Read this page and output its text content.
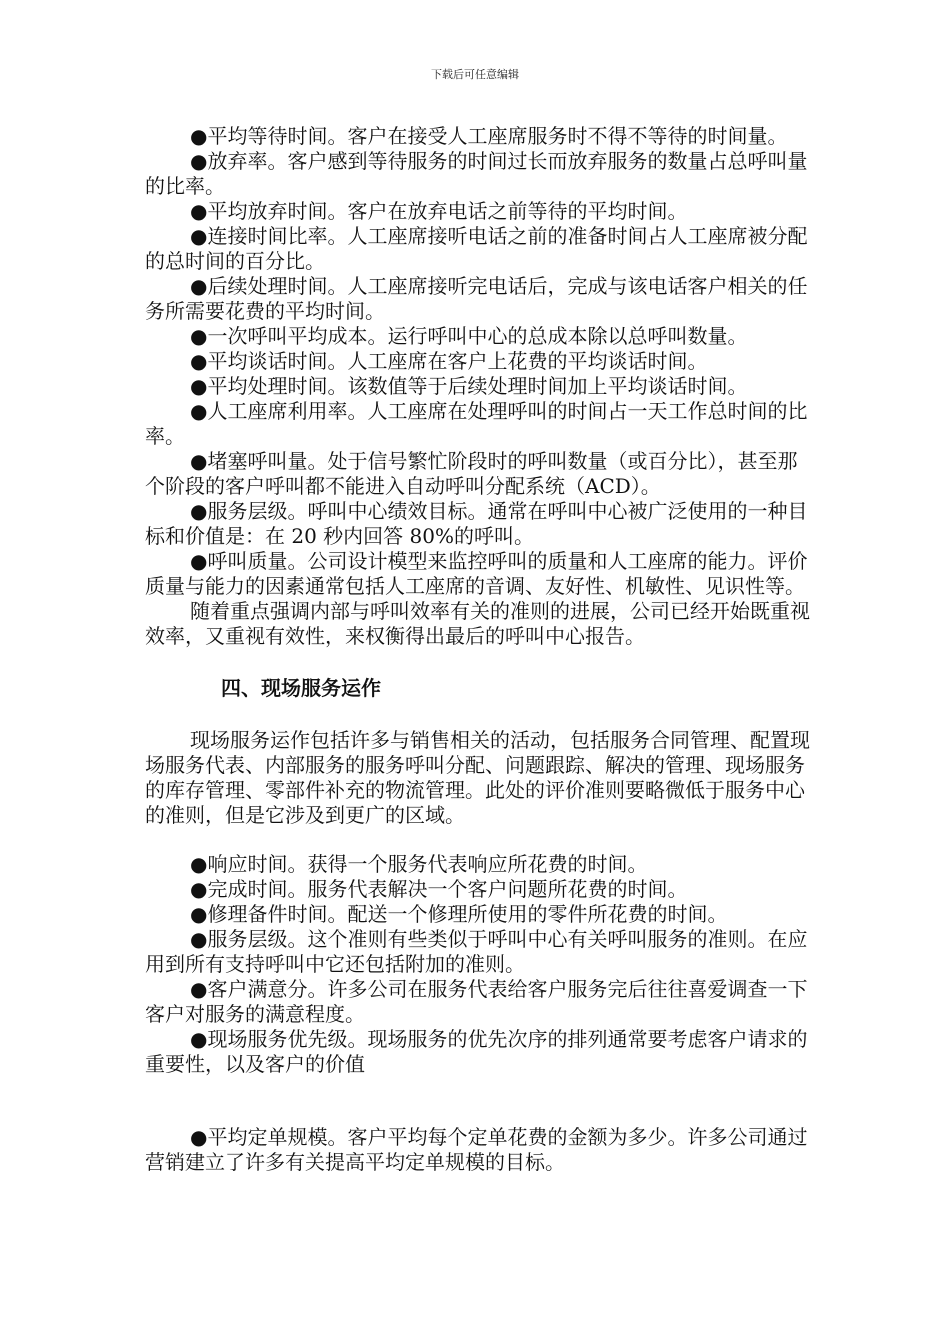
下载后可任意编辑

●平均等待时间。客户在接受人工座席服务时不得不等待的时间量。

●放弃率。客户感到等待服务的时间过长而放弃服务的数量占总呼叫量的比率。

●平均放弃时间。客户在放弃电话之前等待的平均时间。

●连接时间比率。人工座席接听电话之前的准备时间占人工座席被分配的总时间的百分比。

●后续处理时间。人工座席接听完电话后，完成与该电话客户相关的任务所需要花费的平均时间。

●一次呼叫平均成本。运行呼叫中心的总成本除以总呼叫数量。

●平均谈话时间。人工座席在客户上花费的平均谈话时间。

●平均处理时间。该数值等于后续处理时间加上平均谈话时间。

●人工座席利用率。人工座席在处理呼叫的时间占一天工作总时间的比率。

●堵塞呼叫量。处于信号繁忙阶段时的呼叫数量（或百分比），甚至那个阶段的客户呼叫都不能进入自动呼叫分配系统（ACD）。

●服务层级。呼叫中心绩效目标。通常在呼叫中心被广泛使用的一种目标和价值是：在 20 秒内回答 80%的呼叫。

●呼叫质量。公司设计模型来监控呼叫的质量和人工座席的能力。评价质量与能力的因素通常包括人工座席的音调、友好性、机敏性、见识性等。

随着重点强调内部与呼叫效率有关的准则的进展，公司已经开始既重视效率，又重视有效性，来权衡得出最后的呼叫中心报告。

四、现场服务运作

现场服务运作包括许多与销售相关的活动，包括服务合同管理、配置现场服务代表、内部服务的服务呼叫分配、问题跟踪、解决的管理、现场服务的库存管理、零部件补充的物流管理。此处的评价准则要略微低于服务中心的准则，但是它涉及到更广的区域。

●响应时间。获得一个服务代表响应所花费的时间。

●完成时间。服务代表解决一个客户问题所花费的时间。

●修理备件时间。配送一个修理所使用的零件所花费的时间。

●服务层级。这个准则有些类似于呼叫中心有关呼叫服务的准则。在应用到所有支持呼叫中它还包括附加的准则。

●客户满意分。许多公司在服务代表给客户服务完后往往喜爱调查一下客户对服务的满意程度。

●现场服务优先级。现场服务的优先次序的排列通常要考虑客户请求的重要性，以及客户的价值

●平均定单规模。客户平均每个定单花费的金额为多少。许多公司通过营销建立了许多有关提高平均定单规模的目标。
